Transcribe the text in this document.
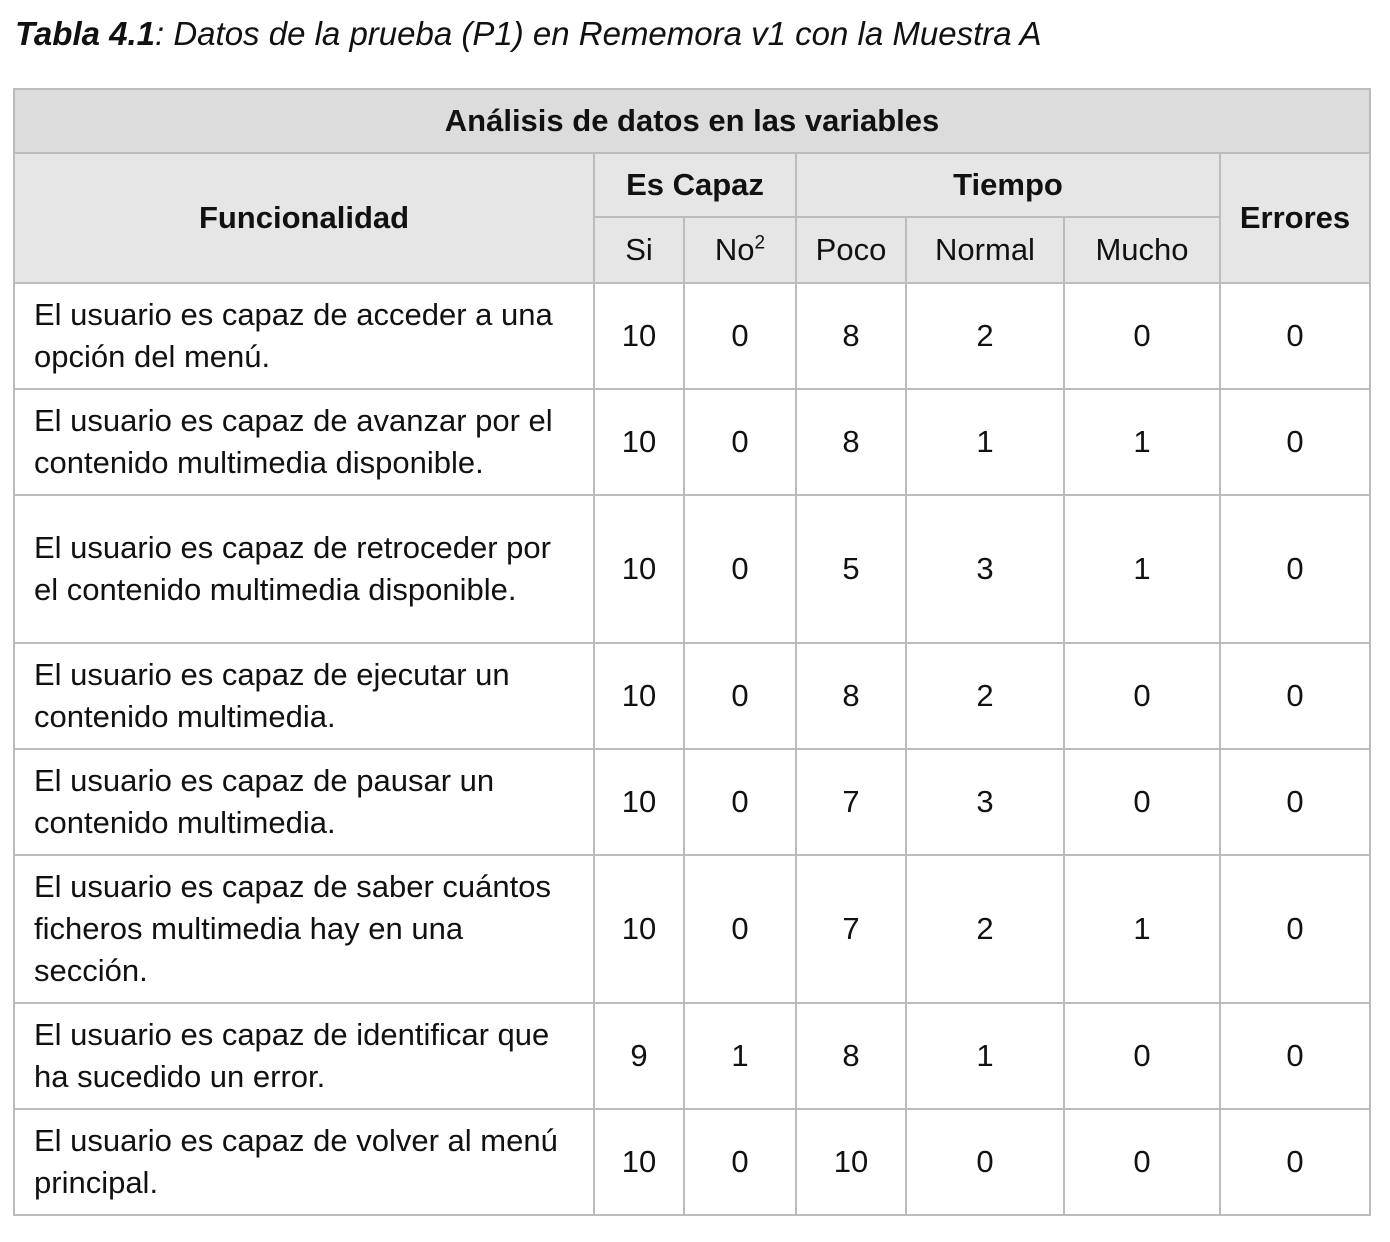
Tabla 4.1: Datos de la prueba (P1) en Rememora v1 con la Muestra A
Análisis de datos en las variables						
Funcionalidad	Es Capaz		Tiempo			Errores
	Si	No$^2$	Poco	Normal	Mucho	
El usuario es capaz de acceder a una opción del menú.	10	0	8	2	0	0
El usuario es capaz de avanzar por el contenido multimedia disponible.	10	0	8	1	1	0
El usuario es capaz de retroceder por el contenido multimedia disponible.	10	0	5	3	1	0
El usuario es capaz de ejecutar un contenido multimedia.	10	0	8	2	0	0
El usuario es capaz de pausar un contenido multimedia.	10	0	7	3	0	0
El usuario es capaz de saber cuántos ficheros multimedia hay en una sección.	10	0	7	2	1	0
El usuario es capaz de identificar que ha sucedido un error.	9	1	8	1	0	0
El usuario es capaz de volver al menú principal.	10	0	10	0	0	0
